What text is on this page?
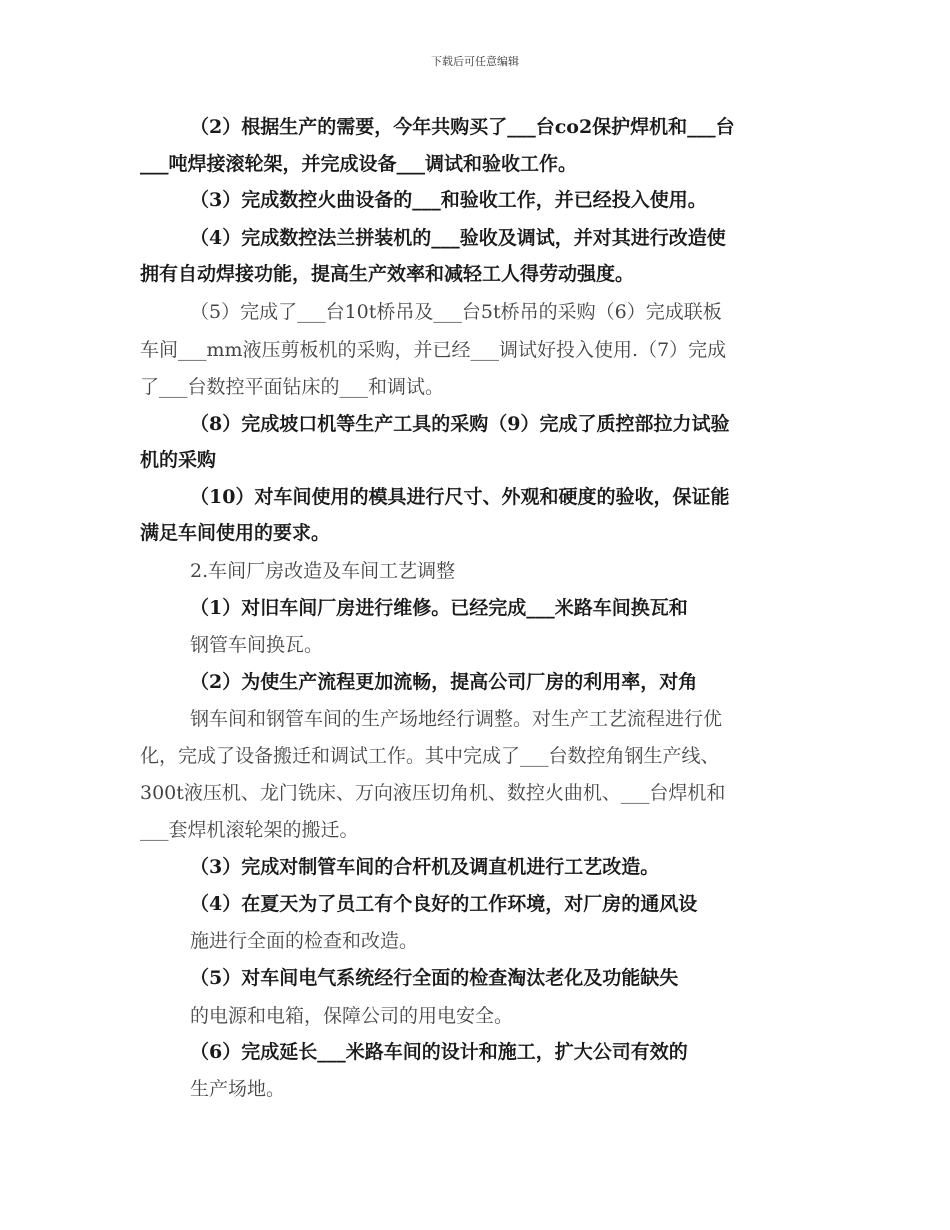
下载后可任意编辑
（2）根据生产的需要，今年共购买了___台co2保护焊机和___台
___吨焊接滚轮架，并完成设备___调试和验收工作。
（3）完成数控火曲设备的___和验收工作，并已经投入使用。
（4）完成数控法兰拼装机的___验收及调试，并对其进行改造使
拥有自动焊接功能，提高生产效率和减轻工人得劳动强度。
（5）完成了___台10t桥吊及___台5t桥吊的采购（6）完成联板
车间___mm液压剪板机的采购，并已经___调试好投入使用.（7）完成
了___台数控平面钻床的___和调试。
（8）完成坡口机等生产工具的采购（9）完成了质控部拉力试验
机的采购
（10）对车间使用的模具进行尺寸、外观和硬度的验收，保证能
满足车间使用的要求。
2.车间厂房改造及车间工艺调整
（1）对旧车间厂房进行维修。已经完成___米路车间换瓦和
钢管车间换瓦。
（2）为使生产流程更加流畅，提高公司厂房的利用率，对角
钢车间和钢管车间的生产场地经行调整。对生产工艺流程进行优
化，完成了设备搬迁和调试工作。其中完成了___台数控角钢生产线、
300t液压机、龙门铣床、万向液压切角机、数控火曲机、___台焊机和
___套焊机滚轮架的搬迁。
（3）完成对制管车间的合杆机及调直机进行工艺改造。
（4）在夏天为了员工有个良好的工作环境，对厂房的通风设
施进行全面的检查和改造。
（5）对车间电气系统经行全面的检查淘汰老化及功能缺失
的电源和电箱，保障公司的用电安全。
（6）完成延长___米路车间的设计和施工，扩大公司有效的
生产场地。
